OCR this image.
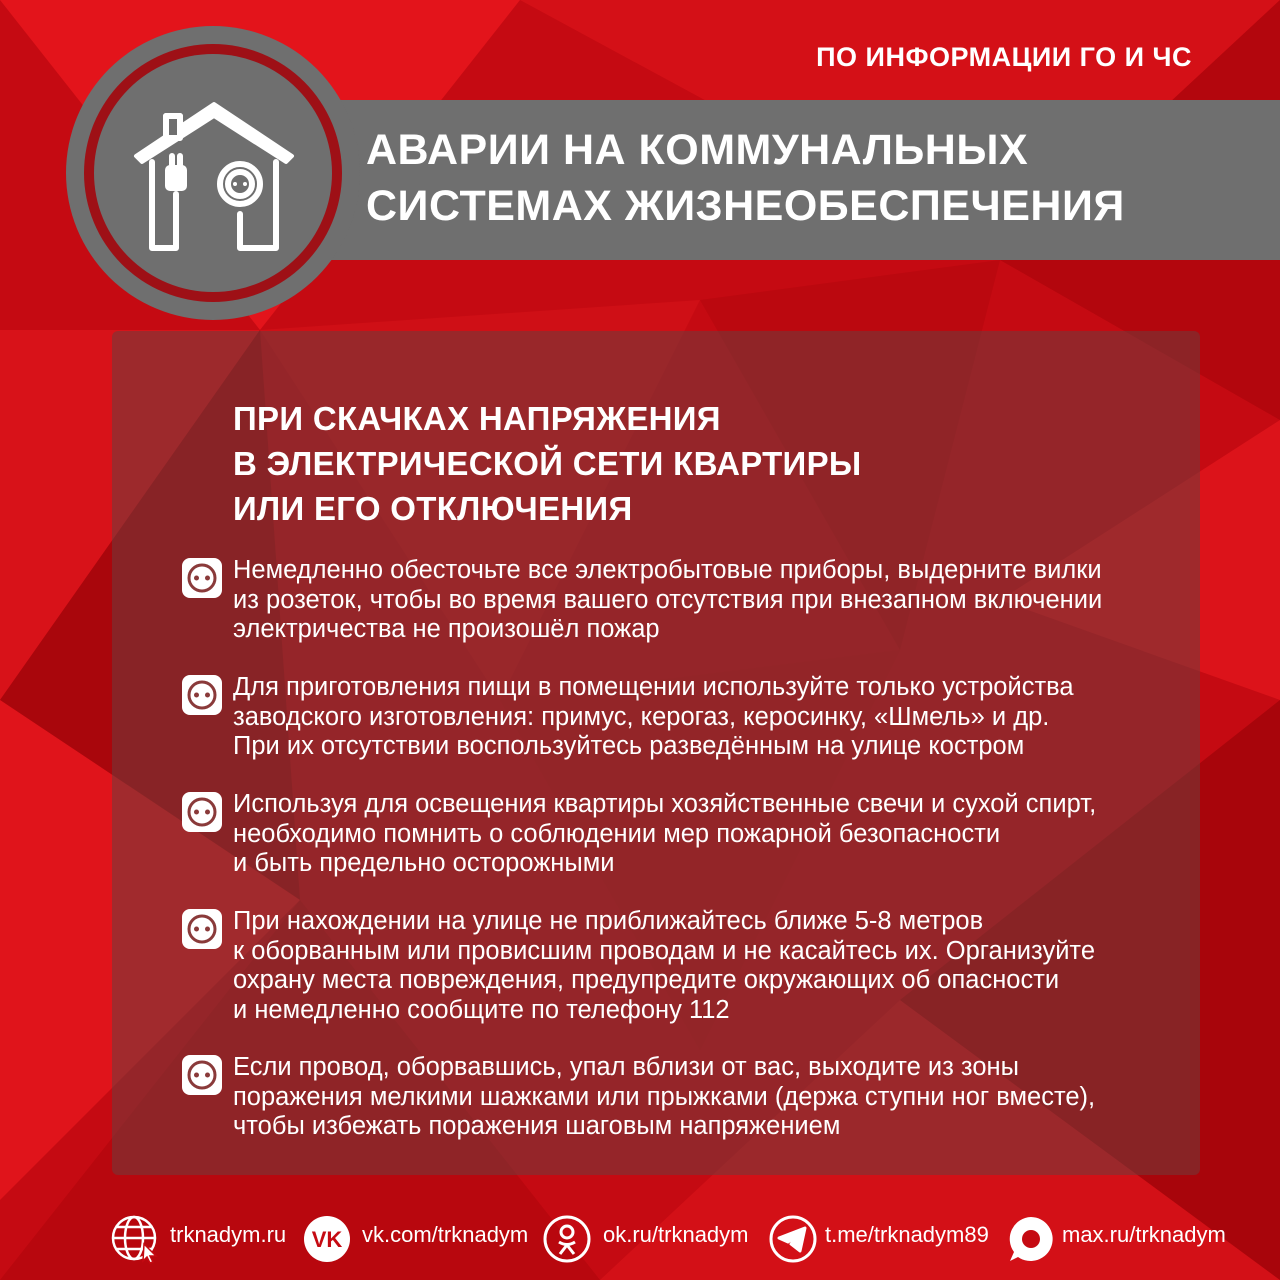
ПО ИНФОРМАЦИИ ГО И ЧС
АВАРИИ НА КОММУНАЛЬНЫХ
СИСТЕМАХ ЖИЗНЕОБЕСПЕЧЕНИЯ
ПРИ СКАЧКАХ НАПРЯЖЕНИЯ
В ЭЛЕКТРИЧЕСКОЙ СЕТИ КВАРТИРЫ
ИЛИ ЕГО ОТКЛЮЧЕНИЯ
Немедленно обесточьте все электробытовые приборы, выдерните вилки
из розеток, чтобы во время вашего отсутствия при внезапном включении
электричества не произошёл пожар
Для приготовления пищи в помещении используйте только устройства
заводского изготовления: примус, керогаз, керосинку, «Шмель» и др.
При их отсутствии воспользуйтесь разведённым на улице костром
Используя для освещения квартиры хозяйственные свечи и сухой спирт,
необходимо помнить о соблюдении мер пожарной безопасности
и быть предельно осторожными
При нахождении на улице не приближайтесь ближе 5-8 метров
к оборванным или провисшим проводам и не касайтесь их. Организуйте
охрану места повреждения, предупредите окружающих об опасности
и немедленно сообщите по телефону 112
Если провод, оборвавшись, упал вблизи от вас, выходите из зоны
поражения мелкими шажками или прыжками (держа ступни ног вместе),
чтобы избежать поражения шаговым напряжением
trknadym.ru VK vk.com/trknadym	ok.ru/trknadym	t.me/trknadym89	max.ru/trknadym
